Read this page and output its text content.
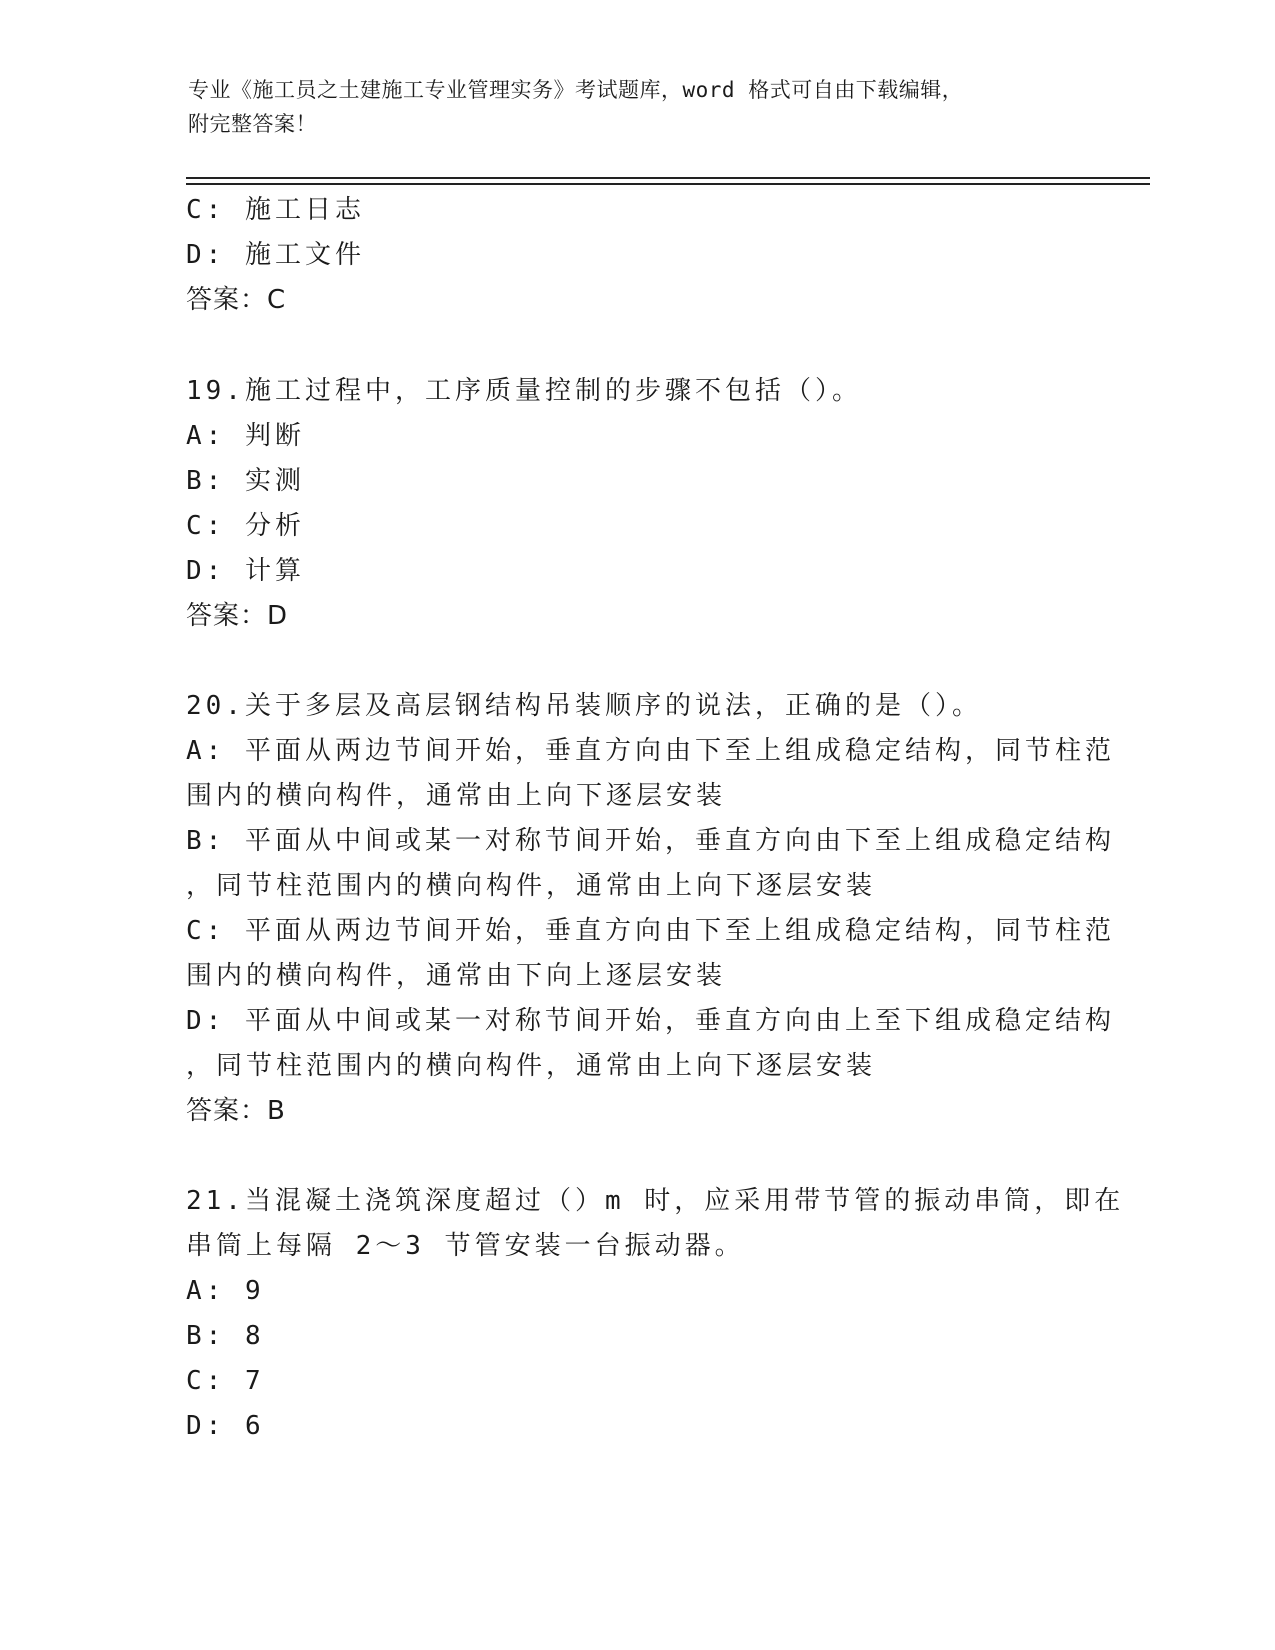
专业《施工员之土建施工专业管理实务》考试题库，word 格式可自由下载编辑，
附完整答案！
C: 施工日志
D: 施工文件
答案：C
19.施工过程中，工序质量控制的步骤不包括（）。
A: 判断
B: 实测
C: 分析
D: 计算
答案：D
20.关于多层及高层钢结构吊装顺序的说法，正确的是（）。
A: 平面从两边节间开始，垂直方向由下至上组成稳定结构，同节柱范
围内的横向构件，通常由上向下逐层安装
B: 平面从中间或某一对称节间开始，垂直方向由下至上组成稳定结构
，同节柱范围内的横向构件，通常由上向下逐层安装
C: 平面从两边节间开始，垂直方向由下至上组成稳定结构，同节柱范
围内的横向构件，通常由下向上逐层安装
D: 平面从中间或某一对称节间开始，垂直方向由上至下组成稳定结构
，同节柱范围内的横向构件，通常由上向下逐层安装
答案：B
21.当混凝土浇筑深度超过（）m 时，应采用带节管的振动串筒，即在
串筒上每隔 2～3 节管安装一台振动器。
A: 9
B: 8
C: 7
D: 6
